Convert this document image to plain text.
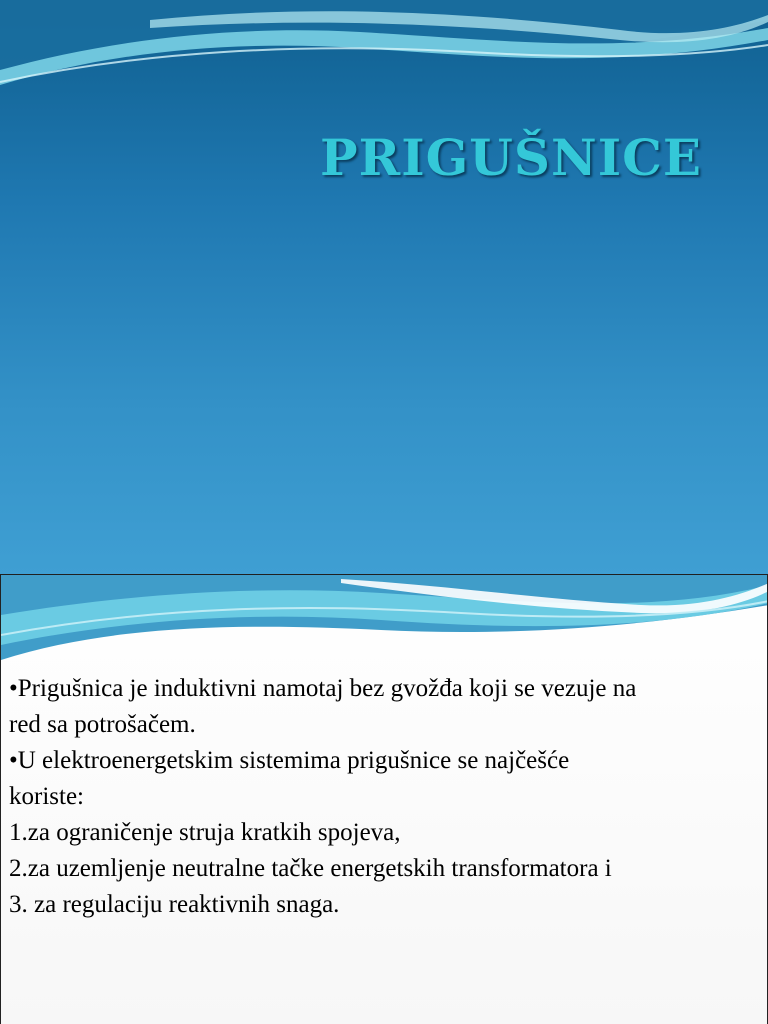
PRIGUŠNICE
•Prigušnica je induktivni namotaj bez gvožđa koji se vezuje na
red sa potrošačem.
•U elektroenergetskim sistemima prigušnice se najčešće
koriste:
1.za ograničenje struja kratkih spojeva,
2.za uzemljenje neutralne tačke energetskih transformatora i
3. za regulaciju reaktivnih snaga.
